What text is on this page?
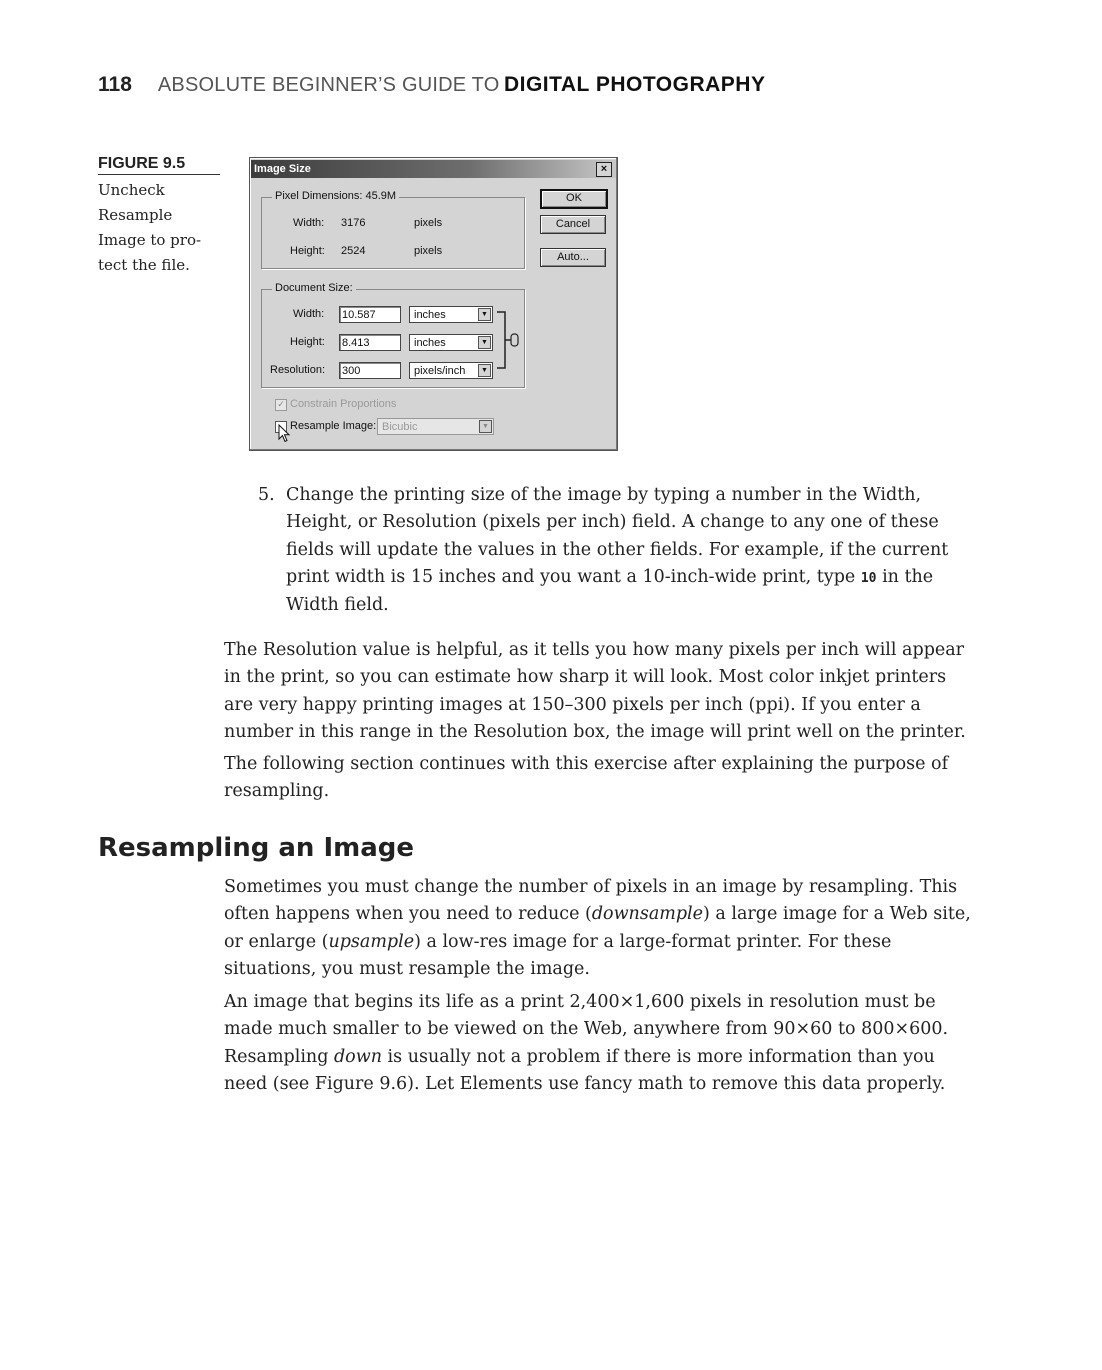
118 ABSOLUTE BEGINNER’S GUIDE TO DIGITAL PHOTOGRAPHY
FIGURE 9.5
Uncheck
Resample
Image to pro-
tect the file.
Image Size	×
Pixel Dimensions: 45.9M
Width: 3176	pixels
Height: 2524	pixels
Document Size:
Width: 10.587	inches	▼
Height: 8.413	inches	▼
Resolution: 300	pixels/inch	▼
OK
Cancel
Auto...
✓ Constrain Proportions
Resample Image: Bicubic	▼
5. Change the printing size of the image by typing a number in the Width, Height, or Resolution (pixels per inch) field. A change to any one of these fields will update the values in the other fields. For example, if the current print width is 15 inches and you want a 10-inch-wide print, type 10 in the Width field.

The Resolution value is helpful, as it tells you how many pixels per inch will appear in the print, so you can estimate how sharp it will look. Most color inkjet printers are very happy printing images at 150–300 pixels per inch (ppi). If you enter a number in this range in the Resolution box, the image will print well on the printer.

The following section continues with this exercise after explaining the purpose of resampling.

Resampling an Image

Sometimes you must change the number of pixels in an image by resampling. This often happens when you need to reduce (downsample) a large image for a Web site, or enlarge (upsample) a low-res image for a large-format printer. For these situations, you must resample the image.

An image that begins its life as a print 2,400×1,600 pixels in resolution must be made much smaller to be viewed on the Web, anywhere from 90×60 to 800×600. Resampling down is usually not a problem if there is more information than you need (see Figure 9.6). Let Elements use fancy math to remove this data properly.
